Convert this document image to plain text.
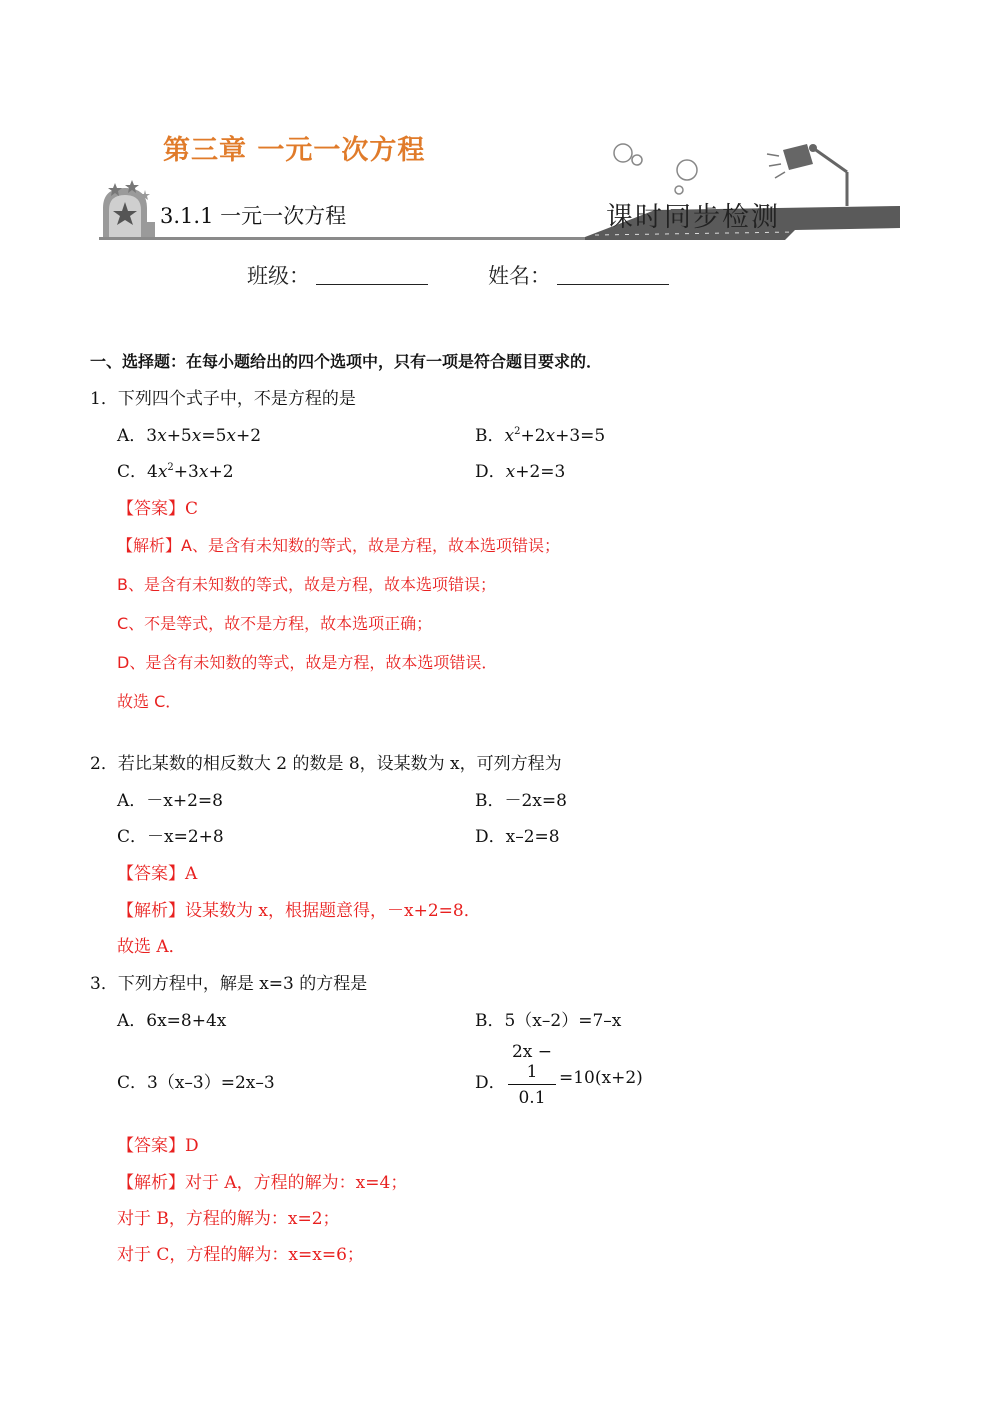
第三章 一元一次方程
3.1.1 一元一次方程	课时同步检测
班级：	姓名：
一、选择题：在每小题给出的四个选项中，只有一项是符合题目要求的．
1．下列四个式子中，不是方程的是
A．3x+5x=5x+2	B．$x^2+2x+3=5$
C．$4x^2+3x+2$	D．x+2=3
【答案】C
【解析】A、是含有未知数的等式，故是方程，故本选项错误；
B、是含有未知数的等式，故是方程，故本选项错误；
C、不是等式，故不是方程，故本选项正确；
D、是含有未知数的等式，故是方程，故本选项错误．
故选 C．
2．若比某数的相反数大 2 的数是 8，设某数为 x，可列方程为
A．－x+2=8	B．－2x=8
C．－x=2+8	D．x–2=8
【答案】A
【解析】设某数为 x，根据题意得，－x+2=8．
故选 A．
3．下列方程中，解是 x=3 的方程是
A．6x=8+4x	B．5（x–2）=7–x
C．3（x–3）=2x–3	D． $\frac{2x - 1}{0.1} =10(x+2)$
【答案】D
【解析】对于 A，方程的解为：x=4；
对于 B，方程的解为：x=2；
对于 C，方程的解为：x=x=6；
